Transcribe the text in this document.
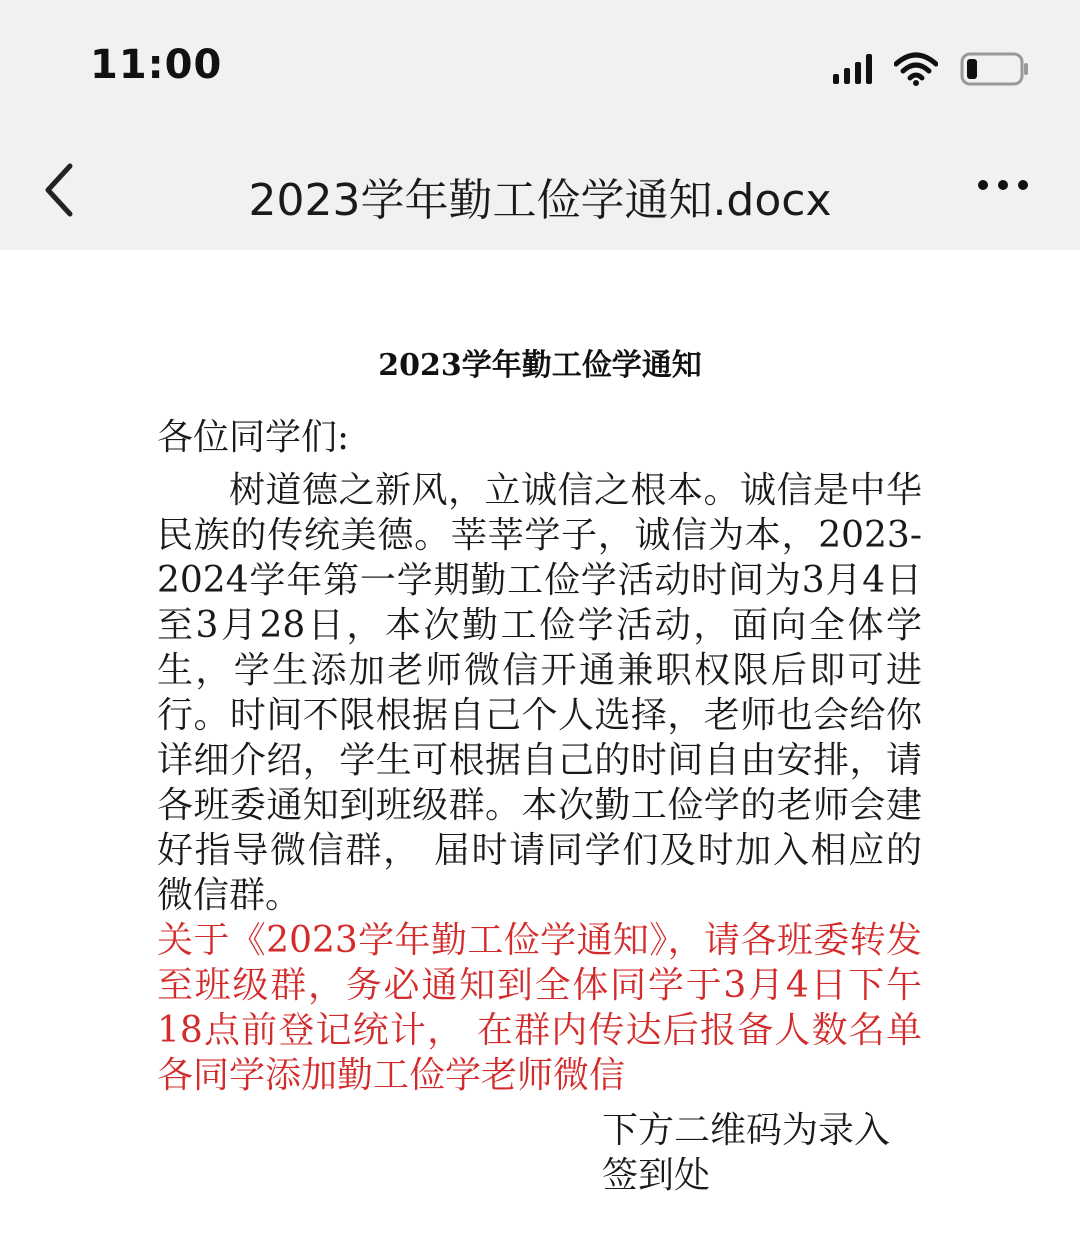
11:00
2023学年勤工俭学通知.docx
2023学年勤工俭学通知

各位同学们:

树道德之新风，立诚信之根本。诚信是中华民族的传统美德。莘莘学子，诚信为本，2023-2024学年第一学期勤工俭学活动时间为3月4日至3月28日，本次勤工俭学活动，面向全体学生，学生添加老师微信开通兼职权限后即可进行。时间不限根据自己个人选择，老师也会给你详细介绍，学生可根据自己的时间自由安排，请各班委通知到班级群。本次勤工俭学的老师会建好指导微信群， 届时请同学们及时加入相应的微信群。

关于《2023学年勤工俭学通知》，请各班委转发至班级群，务必通知到全体同学于3月4日下午18点前登记统计， 在群内传达后报备人数名单各同学添加勤工俭学老师微信

下方二维码为录入签到处
